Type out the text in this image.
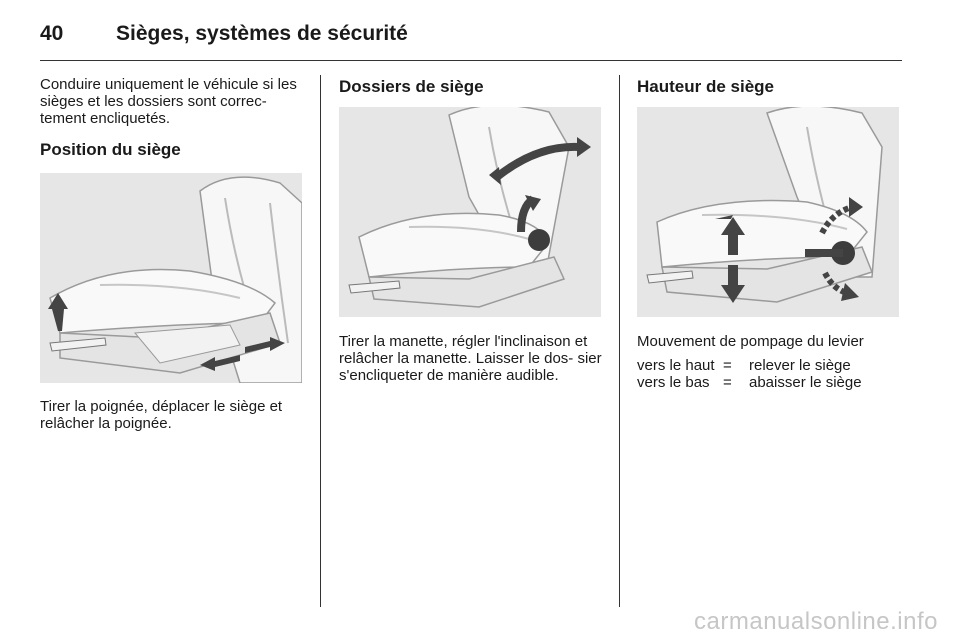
40	Sièges, systèmes de sécurité

Conduire uniquement le véhicule si les sièges et les dossiers sont correc- tement encliquetés.

Position du siège

Tirer la poignée, déplacer le siège et relâcher la poignée.

Dossiers de siège

Tirer la manette, régler l'inclinaison et relâcher la manette. Laisser le dos- sier s'encliqueter de manière audible.

Hauteur de siège

Mouvement de pompage du levier

vers le haut =	relever le siège
vers le bas =	abaisser le siège
carmanualsonline.info
